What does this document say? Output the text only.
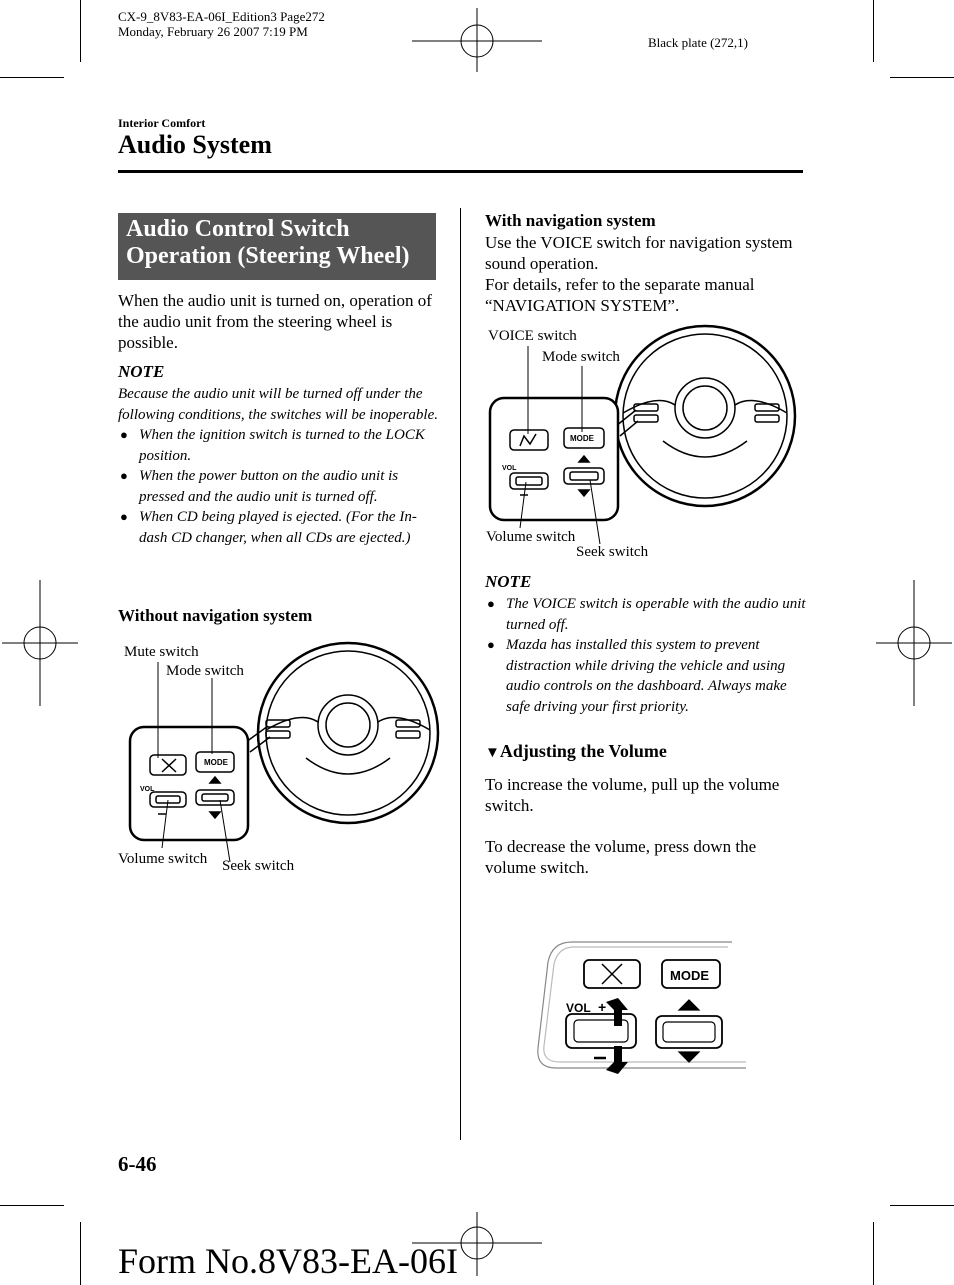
CX-9_8V83-EA-06I_Edition3 Page272
Monday, February 26 2007 7:19 PM
Black plate (272,1)
Interior Comfort
Audio System
Audio Control Switch
Operation (Steering Wheel)
When the audio unit is turned on, operation of the audio unit from the steering wheel is possible.
NOTE
Because the audio unit will be turned off under the following conditions, the switches will be inoperable.
● When the ignition switch is turned to the LOCK position.
● When the power button on the audio unit is pressed and the audio unit is turned off.
● When CD being played is ejected. (For the In-dash CD changer, when all CDs are ejected.)
Without navigation system
MODE
VOL
Mute switch
Mode switch
Volume switch Seek switch
With navigation system
Use the VOICE switch for navigation system sound operation.
For details, refer to the separate manual “NAVIGATION SYSTEM”.
MODE
VOL
VOICE switch
Mode switch
Volume switch
Seek switch
NOTE
● The VOICE switch is operable with the audio unit turned off.
● Mazda has installed this system to prevent distraction while driving the vehicle and using audio controls on the dashboard. Always make safe driving your first priority.
▼Adjusting the Volume
To increase the volume, pull up the volume switch.
To decrease the volume, press down the volume switch.
MODE
VOL +
6-46
Form No.8V83-EA-06I
